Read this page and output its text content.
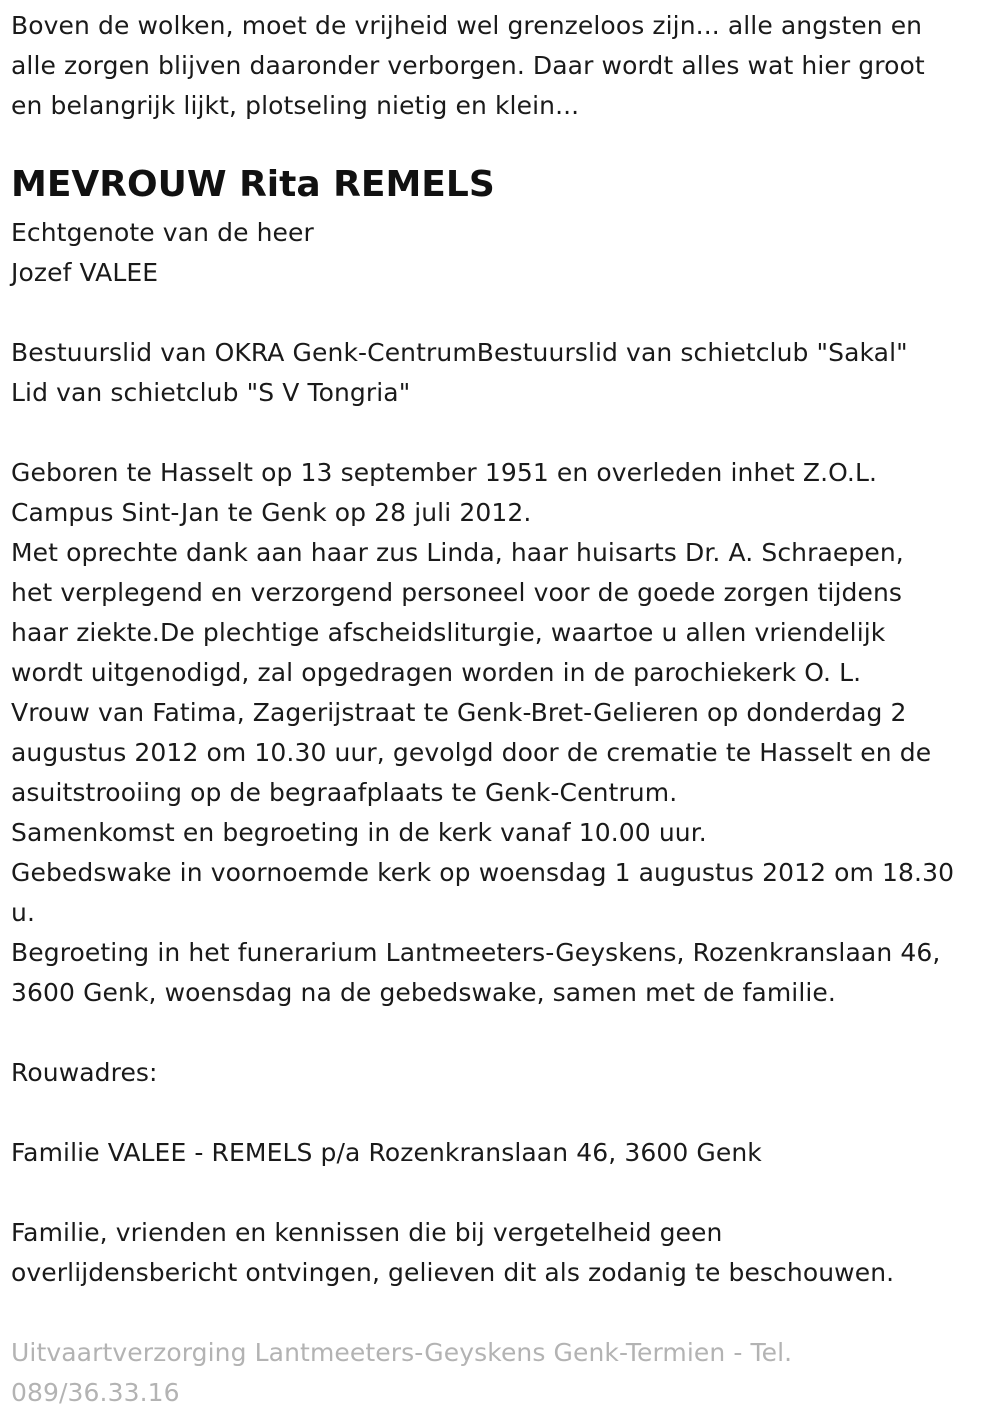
Boven de wolken, moet de vrijheid wel grenzeloos zijn... alle angsten en
alle zorgen blijven daaronder verborgen. Daar wordt alles wat hier groot
en belangrijk lijkt, plotseling nietig en klein...
MEVROUW Rita REMELS
Echtgenote van de heer
Jozef VALEE
Bestuurslid van OKRA Genk-CentrumBestuurslid van schietclub "Sakal"
Lid van schietclub "S V Tongria"
Geboren te Hasselt op 13 september 1951 en overleden inhet Z.O.L.
Campus Sint-Jan te Genk op 28 juli 2012.
Met oprechte dank aan haar zus Linda, haar huisarts Dr. A. Schraepen,
het verplegend en verzorgend personeel voor de goede zorgen tijdens
haar ziekte.De plechtige afscheidsliturgie, waartoe u allen vriendelijk
wordt uitgenodigd, zal opgedragen worden in de parochiekerk O. L.
Vrouw van Fatima, Zagerijstraat te Genk-Bret-Gelieren op donderdag 2
augustus 2012 om 10.30 uur, gevolgd door de crematie te Hasselt en de
asuitstrooiing op de begraafplaats te Genk-Centrum.
Samenkomst en begroeting in de kerk vanaf 10.00 uur.
Gebedswake in voornoemde kerk op woensdag 1 augustus 2012 om 18.30
u.
Begroeting in het funerarium Lantmeeters-Geyskens, Rozenkranslaan 46,
3600 Genk, woensdag na de gebedswake, samen met de familie.
Rouwadres:
Familie VALEE - REMELS p/a Rozenkranslaan 46, 3600 Genk
Familie, vrienden en kennissen die bij vergetelheid geen
overlijdensbericht ontvingen, gelieven dit als zodanig te beschouwen.
Uitvaartverzorging Lantmeeters-Geyskens Genk-Termien - Tel.
089/36.33.16
